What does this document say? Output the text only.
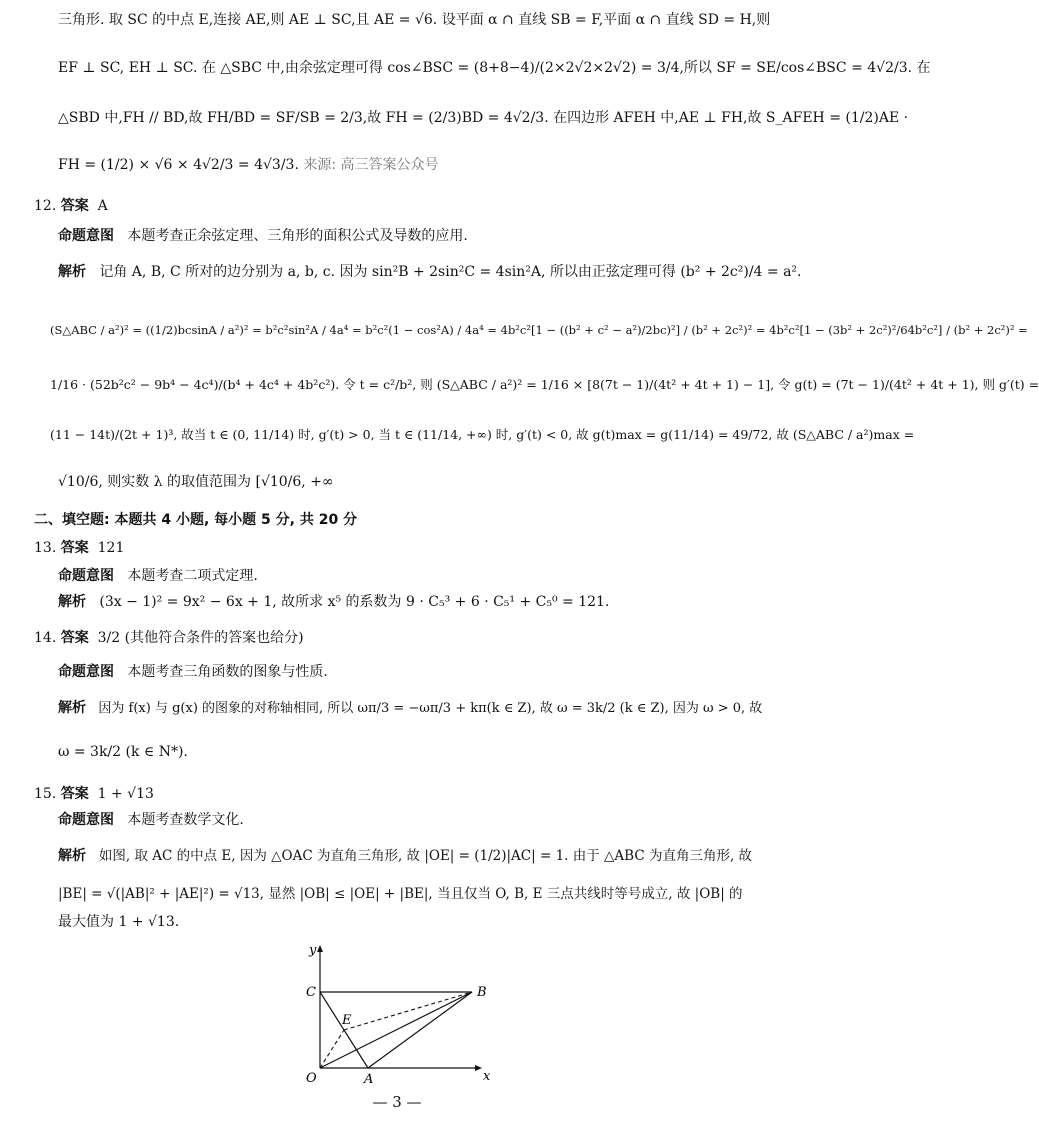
三角形. 取 SC 的中点 E,连接 AE,则 AE ⊥ SC,且 AE = √6. 设平面 α ∩ 直线 SB = F,平面 α ∩ 直线 SD = H,则
EF ⊥ SC, EH ⊥ SC. 在 △SBC 中,由余弦定理可得 cos∠BSC = (8+8−4)/(2×2√2×2√2) = 3/4,所以 SF = SE/cos∠BSC = 4√2/3. 在
△SBD 中,FH // BD,故 FH/BD = SF/SB = 2/3,故 FH = (2/3)BD = 4√2/3. 在四边形 AFEH 中,AE ⊥ FH,故 S_AFEH = (1/2)AE ·
FH = (1/2) × √6 × 4√2/3 = 4√3/3. 来源: 高三答案公众号
12. 答案 A
命题意图 本题考查正余弦定理、三角形的面积公式及导数的应用.
解析 记角 A, B, C 所对的边分别为 a, b, c. 因为 sin²B + 2sin²C = 4sin²A, 所以由正弦定理可得 (b² + 2c²)/4 = a².
(S△ABC / a²)² = ((1/2)bcsinA / a²)² = b²c²sin²A / 4a⁴ = b²c²(1 − cos²A) / 4a⁴ = 4b²c²[1 − ((b² + c² − a²)/2bc)²] / (b² + 2c²)² = 4b²c²[1 − (3b² + 2c²)²/64b²c²] / (b² + 2c²)² =
1/16 · (52b²c² − 9b⁴ − 4c⁴)/(b⁴ + 4c⁴ + 4b²c²). 令 t = c²/b², 则 (S△ABC / a²)² = 1/16 × [8(7t − 1)/(4t² + 4t + 1) − 1], 令 g(t) = (7t − 1)/(4t² + 4t + 1), 则 g′(t) =
(11 − 14t)/(2t + 1)³, 故当 t ∈ (0, 11/14) 时, g′(t) > 0, 当 t ∈ (11/14, +∞) 时, g′(t) < 0, 故 g(t)max = g(11/14) = 49/72, 故 (S△ABC / a²)max =
√10/6, 则实数 λ 的取值范围为 [√10/6, +∞
二、填空题: 本题共 4 小题, 每小题 5 分, 共 20 分
13. 答案 121
命题意图 本题考查二项式定理.
解析 (3x − 1)² = 9x² − 6x + 1, 故所求 x⁵ 的系数为 9 · C₅³ + 6 · C₅¹ + C₅⁰ = 121.
14. 答案 3/2 (其他符合条件的答案也给分)
命题意图 本题考查三角函数的图象与性质.
解析 因为 f(x) 与 g(x) 的图象的对称轴相同, 所以 ωπ/3 = −ωπ/3 + kπ(k ∈ Z), 故 ω = 3k/2 (k ∈ Z), 因为 ω > 0, 故
ω = 3k/2 (k ∈ N*).
15. 答案 1 + √13
命题意图 本题考查数学文化.
解析 如图, 取 AC 的中点 E, 因为 △OAC 为直角三角形, 故 |OE| = (1/2)|AC| = 1. 由于 △ABC 为直角三角形, 故
|BE| = √(|AB|² + |AE|²) = √13, 显然 |OB| ≤ |OE| + |BE|, 当且仅当 O, B, E 三点共线时等号成立, 故 |OB| 的
最大值为 1 + √13.
y
x
O	A
B
C
E
— 3 —
